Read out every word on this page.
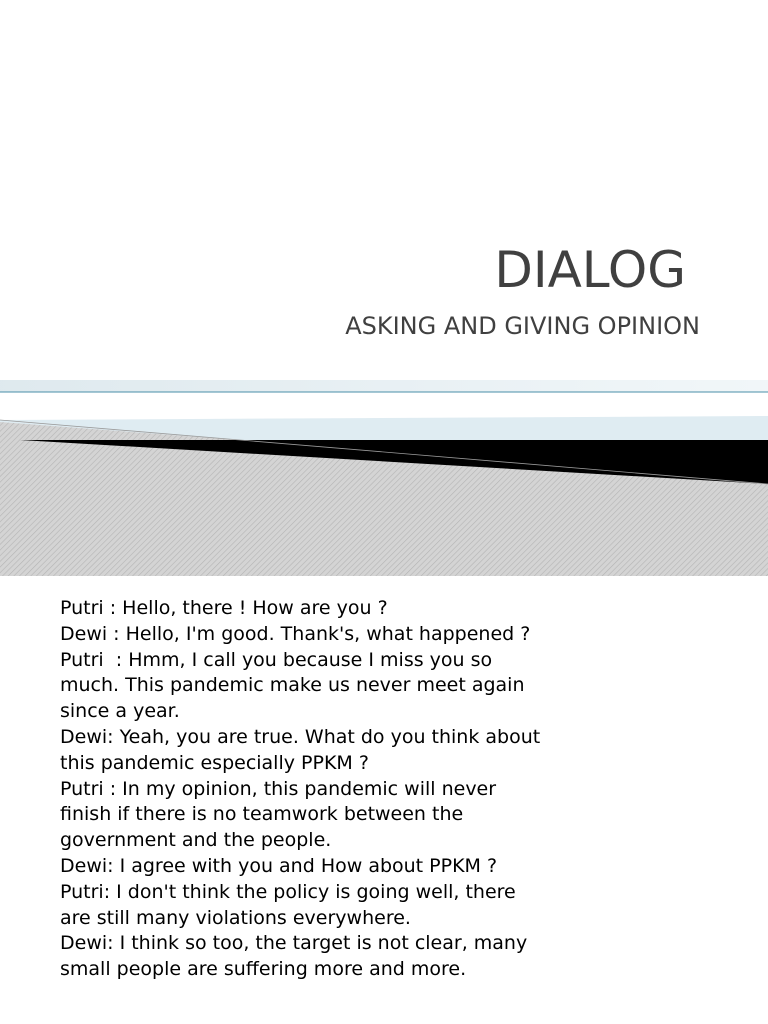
DIALOG
ASKING AND GIVING OPINION
Putri : Hello, there ! How are you ?
Dewi : Hello, I'm good. Thank's, what happened ?
Putri  : Hmm, I call you because I miss you so much. This pandemic make us never meet again since a year.
Dewi: Yeah, you are true. What do you think about this pandemic especially PPKM ?
Putri : In my opinion, this pandemic will never finish if there is no teamwork between the government and the people.
Dewi: I agree with you and How about PPKM ?
Putri: I don't think the policy is going well, there are still many violations everywhere.
Dewi: I think so too, the target is not clear, many small people are suffering more and more.
